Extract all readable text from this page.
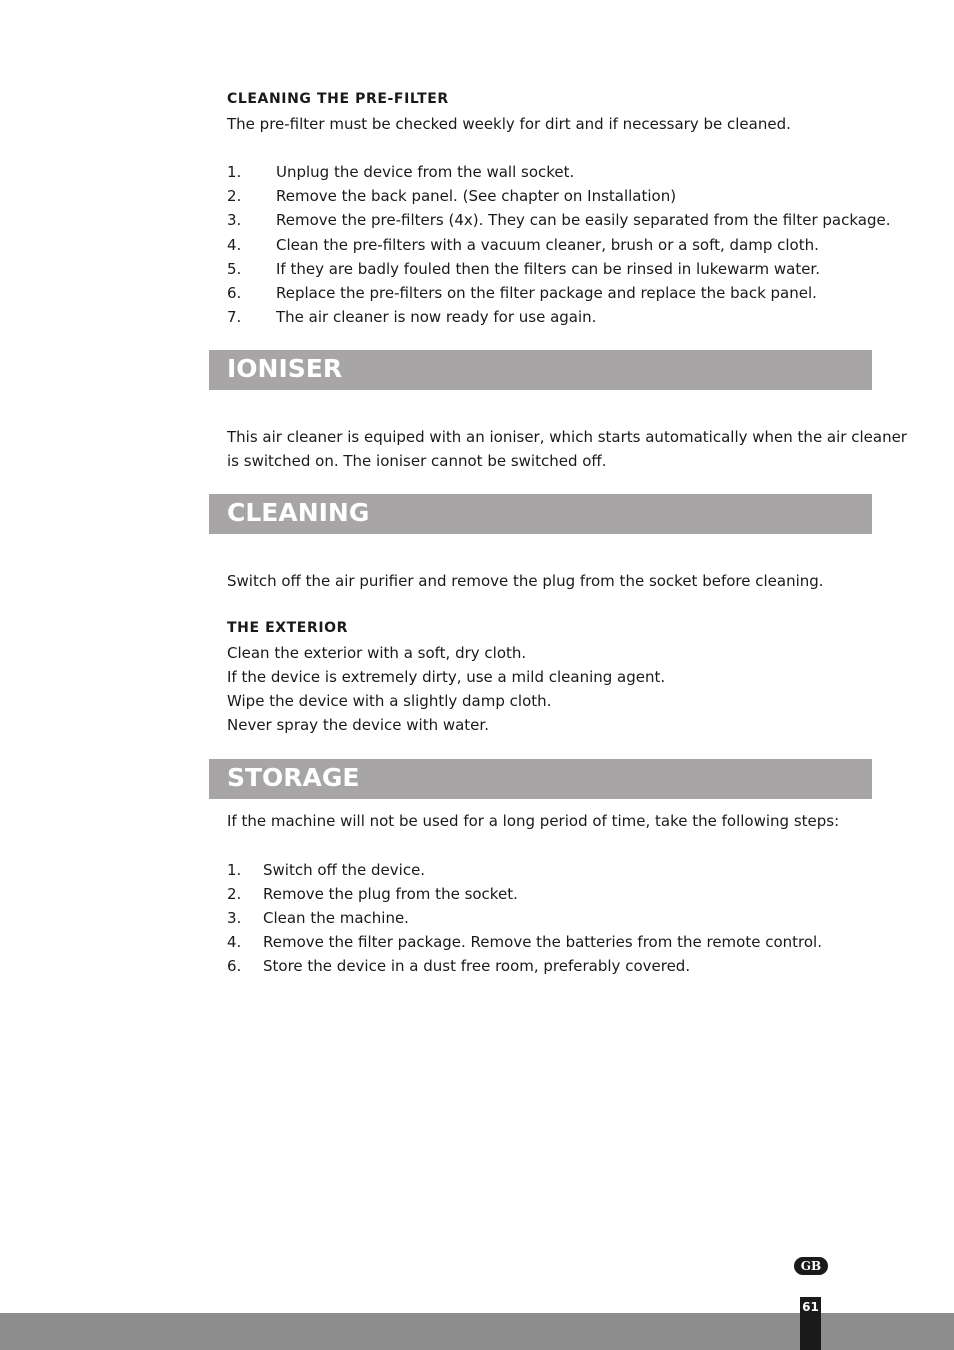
CLEANING THE PRE-FILTER
The pre-filter must be checked weekly for dirt and if necessary be cleaned.
1. Unplug the device from the wall socket.
2. Remove the back panel. (See chapter on Installation)
3. Remove the pre-filters (4x). They can be easily separated from the filter package.
4. Clean the pre-filters with a vacuum cleaner, brush or a soft, damp cloth.
5. If they are badly fouled then the filters can be rinsed in lukewarm water.
6. Replace the pre-filters on the filter package and replace the back panel.
7. The air cleaner is now ready for use again.
IONISER
This air cleaner is equiped with an ioniser, which starts automatically when the air cleaner
is switched on. The ioniser cannot be switched off.
CLEANING
Switch off the air purifier and remove the plug from the socket before cleaning.
THE EXTERIOR
Clean the exterior with a soft, dry cloth.
If the device is extremely dirty, use a mild cleaning agent.
Wipe the device with a slightly damp cloth.
Never spray the device with water.
STORAGE
If the machine will not be used for a long period of time, take the following steps:
1. Switch off the device.
2. Remove the plug from the socket.
3. Clean the machine.
4. Remove the filter package. Remove the batteries from the remote control.
6. Store the device in a dust free room, preferably covered.
GB
61
